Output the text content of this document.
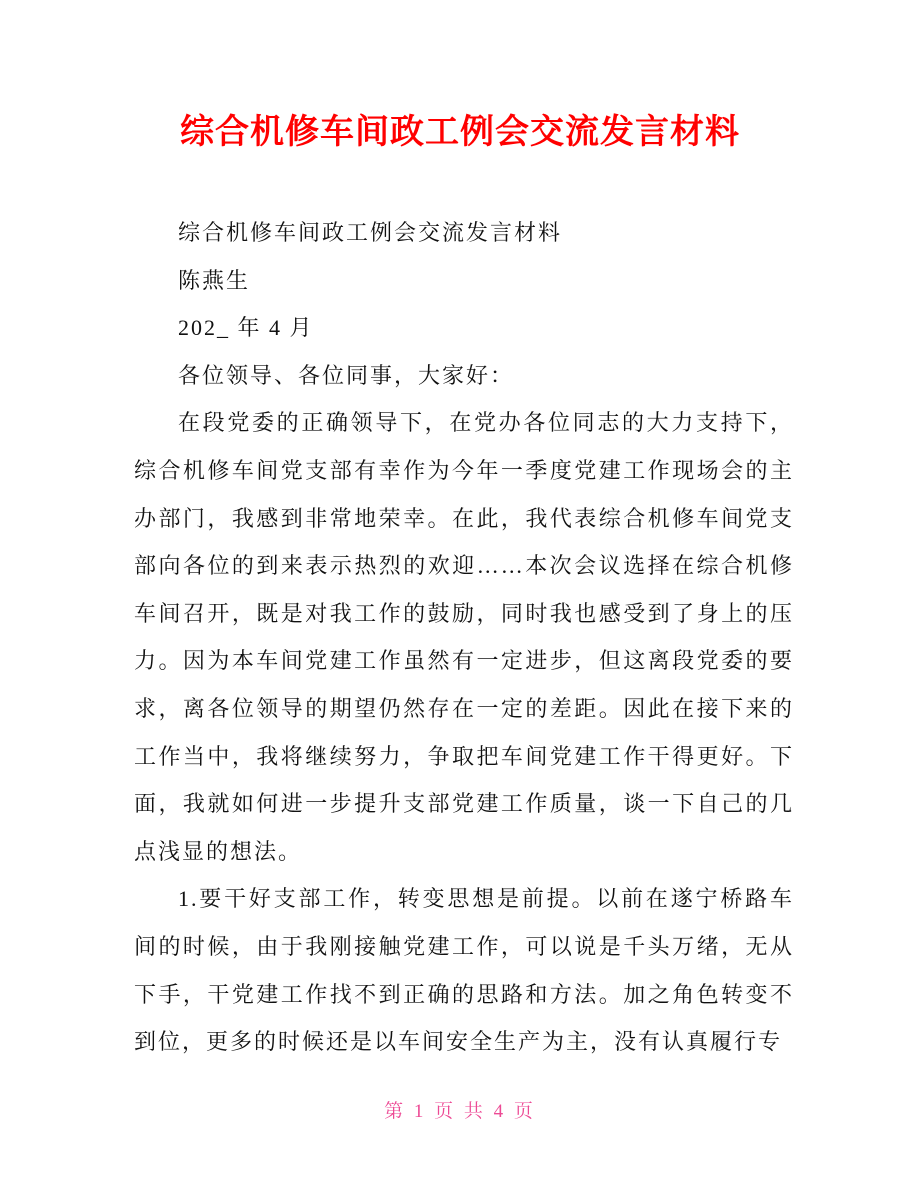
综合机修车间政工例会交流发言材料

综合机修车间政工例会交流发言材料

陈燕生

202_ 年 4 月

各位领导、各位同事，大家好：

在段党委的正确领导下，在党办各位同志的大力支持下，综合机修车间党支部有幸作为今年一季度党建工作现场会的主办部门，我感到非常地荣幸。在此，我代表综合机修车间党支部向各位的到来表示热烈的欢迎……本次会议选择在综合机修车间召开，既是对我工作的鼓励，同时我也感受到了身上的压力。因为本车间党建工作虽然有一定进步，但这离段党委的要求，离各位领导的期望仍然存在一定的差距。因此在接下来的工作当中，我将继续努力，争取把车间党建工作干得更好。下面，我就如何进一步提升支部党建工作质量，谈一下自己的几点浅显的想法。

1.要干好支部工作，转变思想是前提。以前在遂宁桥路车间的时候，由于我刚接触党建工作，可以说是千头万绪，无从下手，干党建工作找不到正确的思路和方法。加之角色转变不到位，更多的时候还是以车间安全生产为主，没有认真履行专

第 1 页 共 4 页
